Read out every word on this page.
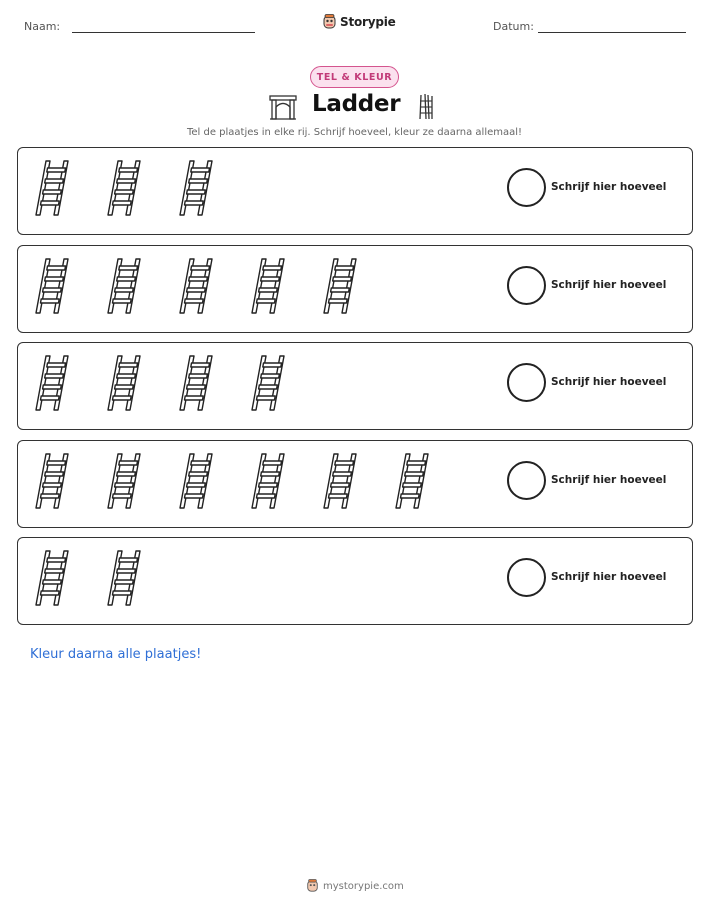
Naam:	Storypie	Datum:
TEL & KLEUR
Ladder
Tel de plaatjes in elke rij. Schrijf hoeveel, kleur ze daarna allemaal!
Schrijf hier hoeveel
Schrijf hier hoeveel
Schrijf hier hoeveel
Schrijf hier hoeveel
Schrijf hier hoeveel
Kleur daarna alle plaatjes!
mystorypie.com
